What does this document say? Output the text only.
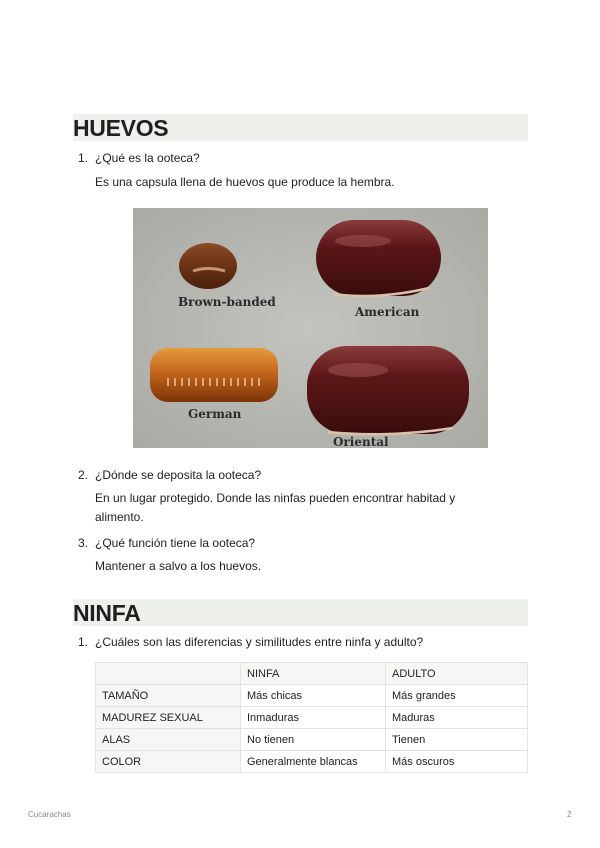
HUEVOS
1. ¿Qué es la ooteca?
Es una capsula llena de huevos que produce la hembra.
Brown-banded
American
German
Oriental
2. ¿Dónde se deposita la ooteca?
En un lugar protegido. Donde las ninfas pueden encontrar habitad y alimento.
3. ¿Qué función tiene la ooteca?
Mantener a salvo a los huevos.
NINFA
1. ¿Cuáles son las diferencias y similitudes entre ninfa y adulto?
	NINFA	ADULTO
TAMAÑO	Más chicas	Más grandes
MADUREZ SEXUAL	Inmaduras	Maduras
ALAS	No tienen	Tienen
COLOR	Generalmente blancas	Más oscuros
Cucarachas	2
